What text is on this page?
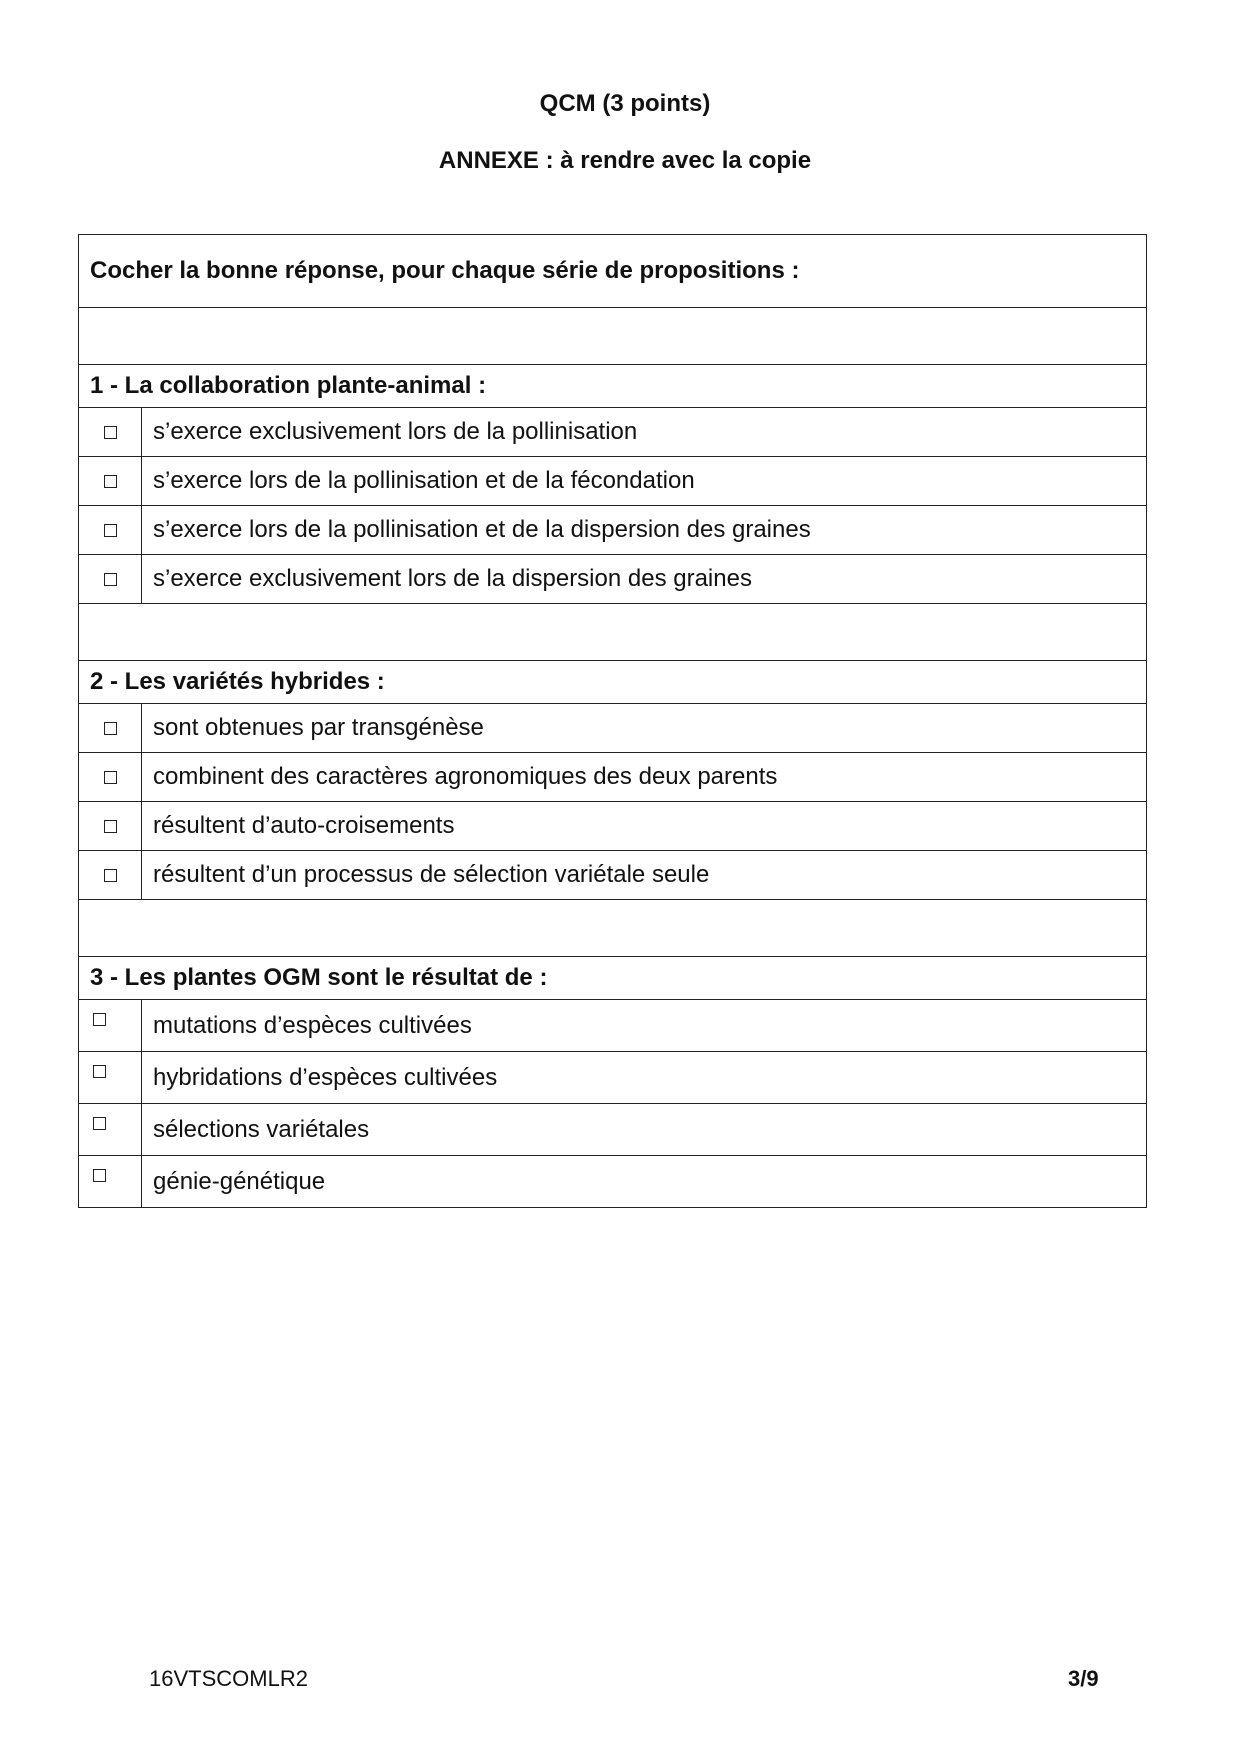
QCM (3 points)
ANNEXE : à rendre avec la copie
Cocher la bonne réponse, pour chaque série de propositions :	

1 - La collaboration plante-animal :	
	s’exerce exclusivement lors de la pollinisation
	s’exerce lors de la pollinisation et de la fécondation
	s’exerce lors de la pollinisation et de la dispersion des graines
	s’exerce exclusivement lors de la dispersion des graines

2 - Les variétés hybrides :	
	sont obtenues par transgénèse
	combinent des caractères agronomiques des deux parents
	résultent d’auto-croisements
	résultent d’un processus de sélection variétale seule

3 - Les plantes OGM sont le résultat de :	
	mutations d’espèces cultivées
	hybridations d’espèces cultivées
	sélections variétales
	génie-génétique

16VTSCOMLR2	3/9
